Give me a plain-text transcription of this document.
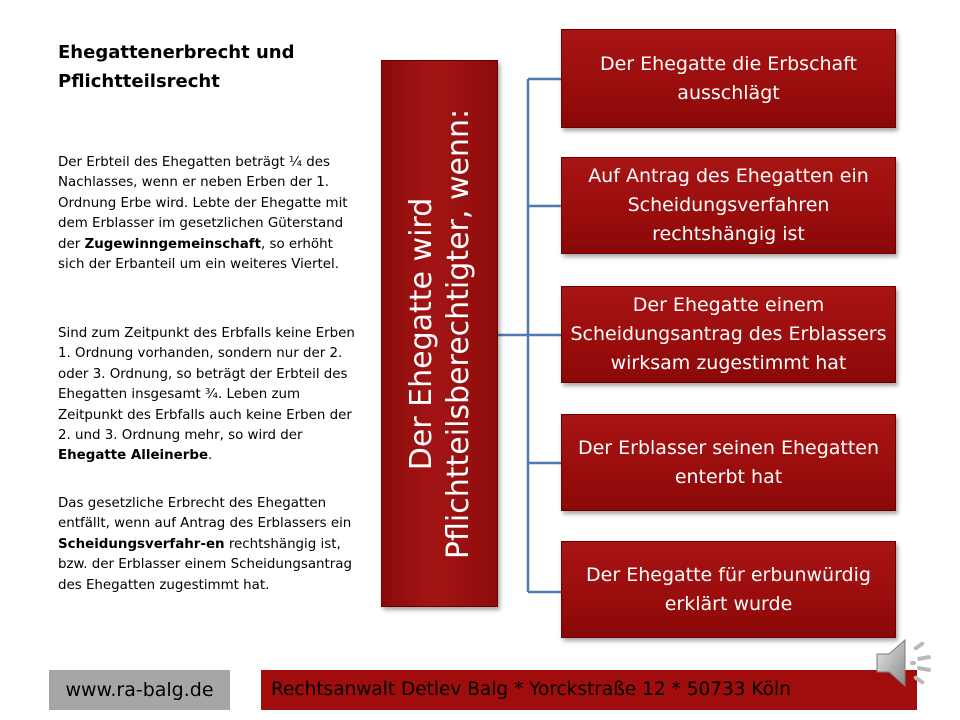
Ehegattenerbrecht und Pflichtteilsrecht

Der Erbteil des Ehegatten beträgt ¼ des Nachlasses, wenn er neben Erben der 1. Ordnung Erbe wird. Lebte der Ehegatte mit dem Erblasser im gesetzlichen Güterstand der Zugewinngemeinschaft, so erhöht sich der Erbanteil um ein weiteres Viertel.

Sind zum Zeitpunkt des Erbfalls keine Erben 1. Ordnung vorhanden, sondern nur der 2. oder 3. Ordnung, so beträgt der Erbteil des Ehegatten insgesamt ¾. Leben zum Zeitpunkt des Erbfalls auch keine Erben der 2. und 3. Ordnung mehr, so wird der Ehegatte Alleinerbe.

Das gesetzliche Erbrecht des Ehegatten entfällt, wenn auf Antrag des Erblassers ein Scheidungsverfahr-en rechtshängig ist, bzw. der Erblasser einem Scheidungsantrag des Ehegatten zugestimmt hat.

Der Ehegatte wird Pflichtteilsberechtigter, wenn:
Der Ehegatte die Erbschaft ausschlägt
Auf Antrag des Ehegatten ein Scheidungsverfahren rechtshängig ist
Der Ehegatte einem Scheidungsantrag des Erblassers wirksam zugestimmt hat
Der Erblasser seinen Ehegatten enterbt hat
Der Ehegatte für erbunwürdig erklärt wurde
www.ra-balg.de	Rechtsanwalt Detlev Balg * Yorckstraße 12 * 50733 Köln
